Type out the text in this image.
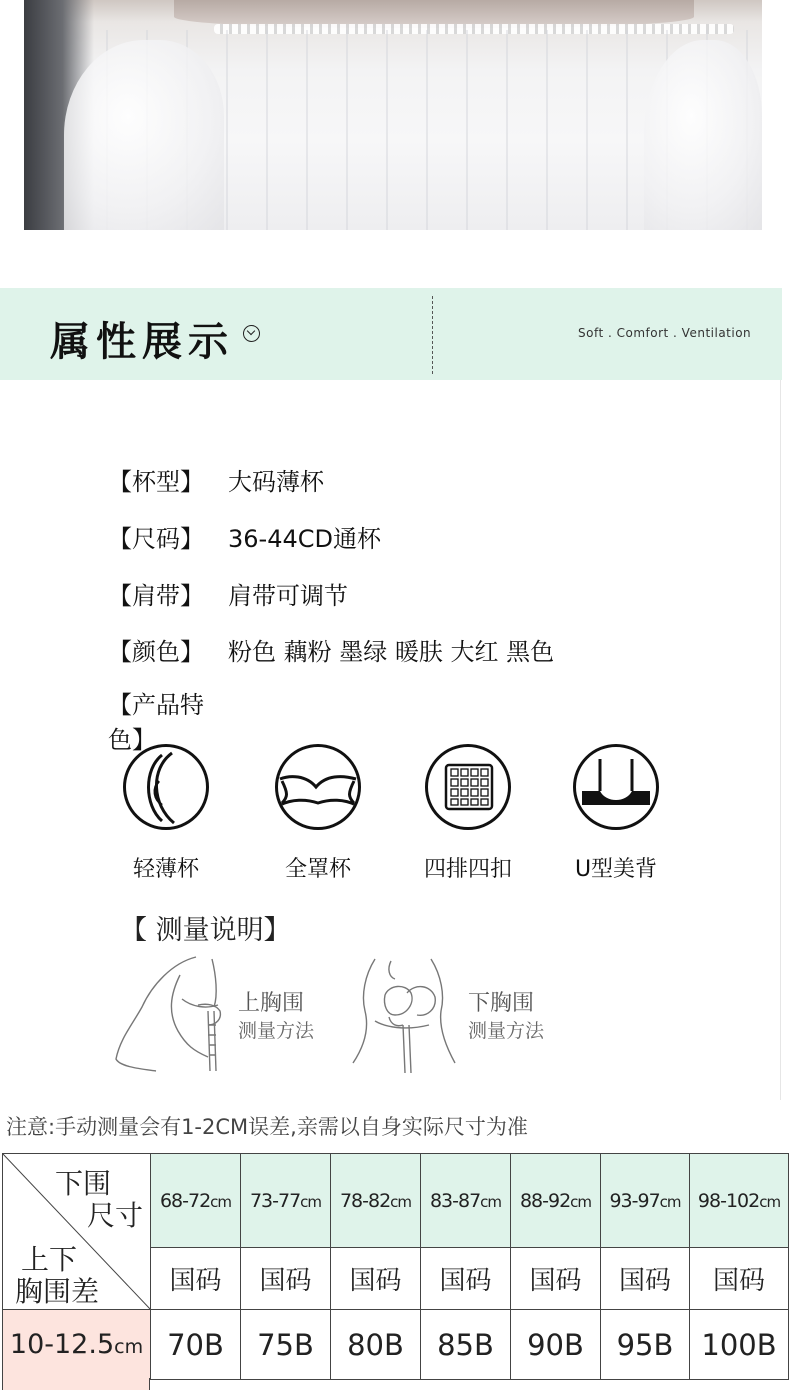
属性展示	Soft . Comfort . Ventilation
【杯型】 大码薄杯
【尺码】 36-44CD通杯
【肩带】 肩带可调节
【颜色】 粉色 藕粉 墨绿 暖肤 大红 黑色
【产品特色】
轻薄杯	全罩杯	四排四扣	U型美背
【 测量说明】
上胸围
测量方法
下胸围
测量方法
注意:手动测量会有1-2CM误差,亲需以自身实际尺寸为准
下围
尺寸
上下
胸围差	68-72cm	73-77cm	78-82cm	83-87cm	88-92cm	93-97cm	98-102cm
	国码	国码	国码	国码	国码	国码	国码
10-12.5cm	70B	75B	80B	85B	90B	95B	100B
